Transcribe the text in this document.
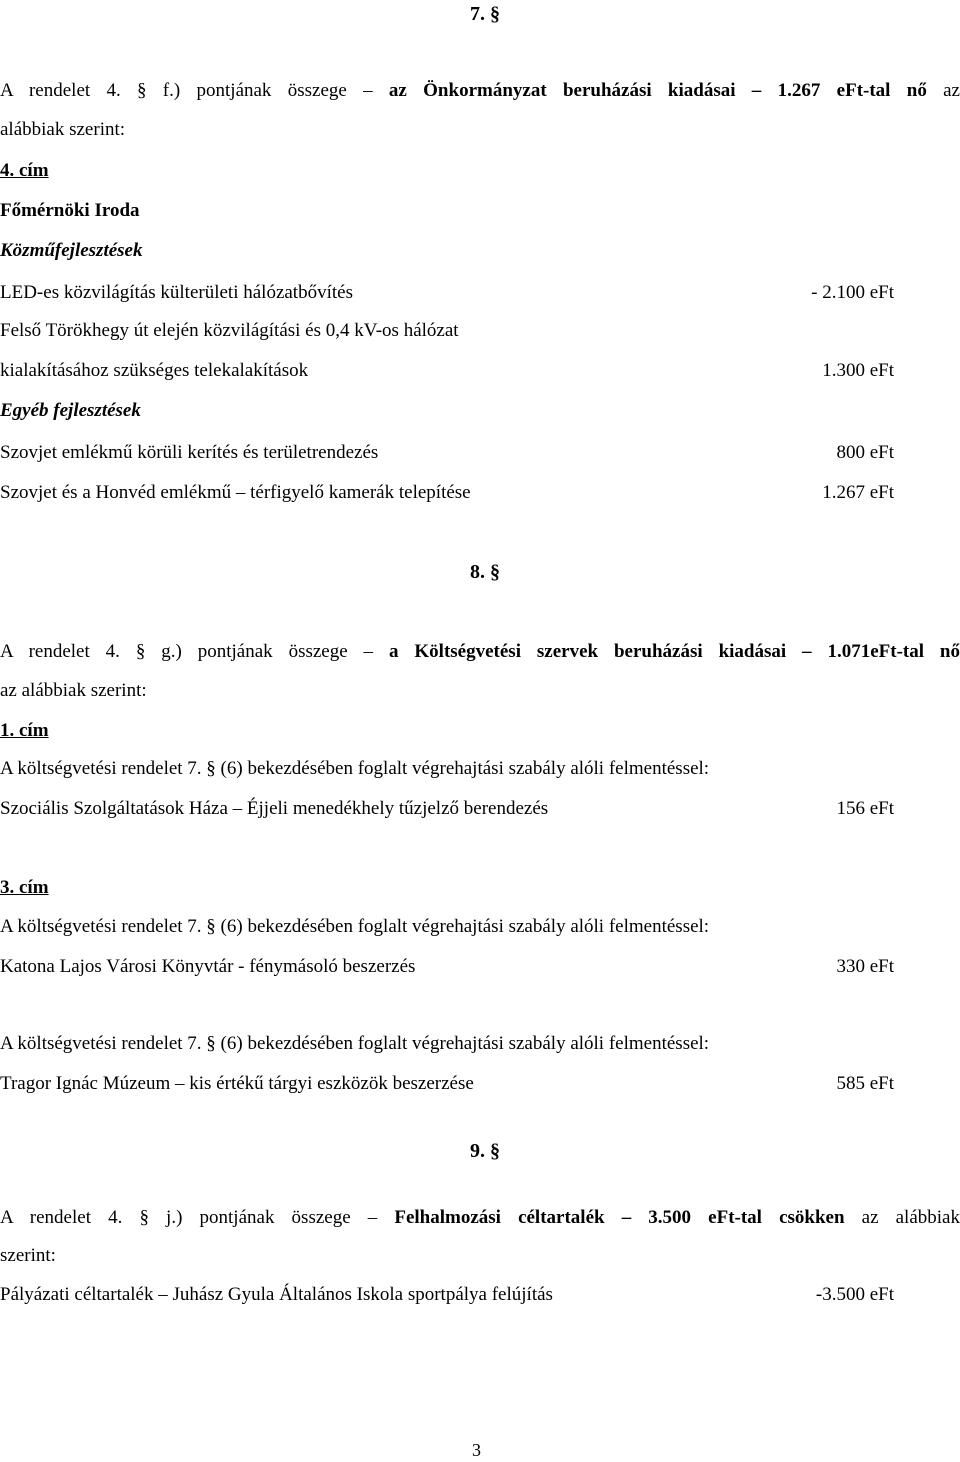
7. §
A rendelet 4. § f.) pontjának összege – az Önkormányzat beruházási kiadásai – 1.267 eFt-tal nő az
alábbiak szerint:
4. cím
Főmérnöki Iroda
Közműfejlesztések
LED-es közvilágítás külterületi hálózatbővítés	- 2.100 eFt
Felső Törökhegy út elején közvilágítási és 0,4 kV-os hálózat
kialakításához szükséges telekalakítások	1.300 eFt
Egyéb fejlesztések
Szovjet emlékmű körüli kerítés és területrendezés	800 eFt
Szovjet és a Honvéd emlékmű – térfigyelő kamerák telepítése	1.267 eFt
8. §
A rendelet 4. § g.) pontjának összege – a Költségvetési szervek beruházási kiadásai – 1.071eFt-tal nő
az alábbiak szerint:
1. cím
A költségvetési rendelet 7. § (6) bekezdésében foglalt végrehajtási szabály alóli felmentéssel:
Szociális Szolgáltatások Háza – Éjjeli menedékhely tűzjelző berendezés	156 eFt
3. cím
A költségvetési rendelet 7. § (6) bekezdésében foglalt végrehajtási szabály alóli felmentéssel:
Katona Lajos Városi Könyvtár - fénymásoló beszerzés	330 eFt
A költségvetési rendelet 7. § (6) bekezdésében foglalt végrehajtási szabály alóli felmentéssel:
Tragor Ignác Múzeum – kis értékű tárgyi eszközök beszerzése	585 eFt
9. §
A rendelet 4. § j.) pontjának összege – Felhalmozási céltartalék – 3.500 eFt-tal csökken az alábbiak
szerint:
Pályázati céltartalék – Juhász Gyula Általános Iskola sportpálya felújítás	-3.500 eFt
3
